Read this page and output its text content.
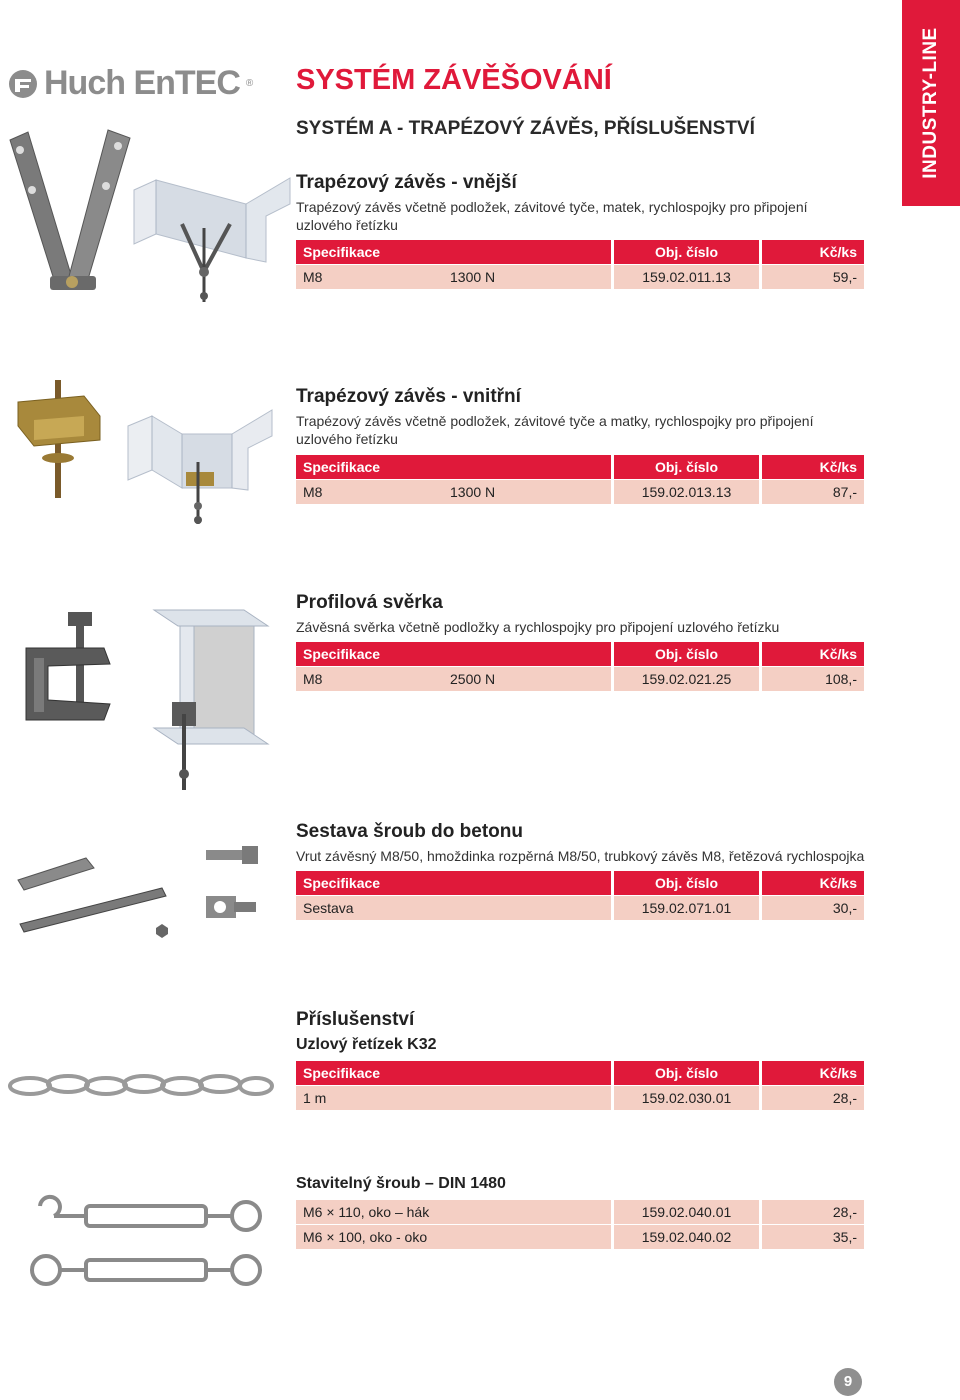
Huch EnTEC ® SYSTÉM ZÁVĚŠOVÁNÍ
SYSTÉM A - TRAPÉZOVÝ ZÁVĚS, PŘÍSLUŠENSTVÍ	INDUSTRY-LINE
Trapézový závěs - vnější
Trapézový závěs včetně podložek, závitové tyče, matek, rychlospojky pro připojení uzlového řetízku
Specifikace	Obj. číslo	Kč/ks
M8	1300 N	159.02.011.13	59,-
Trapézový závěs - vnitřní
Trapézový závěs včetně podložek, závitové tyče a matky, rychlospojky pro připojení uzlového řetízku
Specifikace	Obj. číslo	Kč/ks
M8	1300 N	159.02.013.13	87,-
Profilová svěrka
Závěsná svěrka včetně podložky a rychlospojky pro připojení uzlového řetízku
Specifikace	Obj. číslo	Kč/ks
M8	2500 N	159.02.021.25	108,-
Sestava šroub do betonu
Vrut závěsný M8/50, hmoždinka rozpěrná M8/50, trubkový závěs M8, řetězová rychlospojka
Specifikace	Obj. číslo	Kč/ks
Sestava	159.02.071.01	30,-
Příslušenství
Uzlový řetízek K32
Specifikace	Obj. číslo	Kč/ks
1 m	159.02.030.01	28,-
Stavitelný šroub – DIN 1480
M6 × 110, oko – hák	159.02.040.01	28,-
M6 × 100, oko - oko	159.02.040.02	35,-
9
